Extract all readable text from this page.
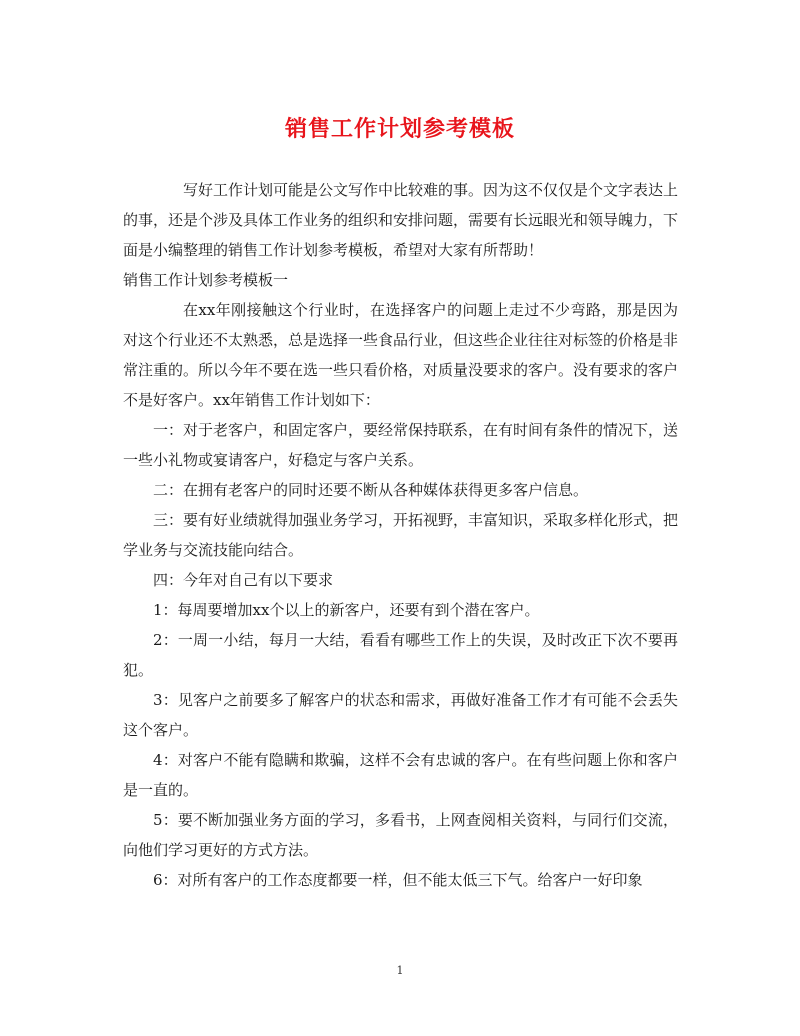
销售工作计划参考模板

写好工作计划可能是公文写作中比较难的事。因为这不仅仅是个文字表达上的事，还是个涉及具体工作业务的组织和安排问题，需要有长远眼光和领导魄力，下面是小编整理的销售工作计划参考模板，希望对大家有所帮助！

销售工作计划参考模板一

在xx年刚接触这个行业时，在选择客户的问题上走过不少弯路，那是因为对这个行业还不太熟悉，总是选择一些食品行业，但这些企业往往对标签的价格是非常注重的。所以今年不要在选一些只看价格，对质量没要求的客户。没有要求的客户不是好客户。xx年销售工作计划如下：

一：对于老客户，和固定客户，要经常保持联系，在有时间有条件的情况下，送一些小礼物或宴请客户，好稳定与客户关系。

二：在拥有老客户的同时还要不断从各种媒体获得更多客户信息。

三：要有好业绩就得加强业务学习，开拓视野，丰富知识，采取多样化形式，把学业务与交流技能向结合。

四：今年对自己有以下要求

1：每周要增加xx个以上的新客户，还要有到个潜在客户。

2：一周一小结，每月一大结，看看有哪些工作上的失误，及时改正下次不要再犯。

3：见客户之前要多了解客户的状态和需求，再做好准备工作才有可能不会丢失这个客户。

4：对客户不能有隐瞒和欺骗，这样不会有忠诚的客户。在有些问题上你和客户是一直的。

5：要不断加强业务方面的学习，多看书，上网查阅相关资料，与同行们交流，向他们学习更好的方式方法。

6：对所有客户的工作态度都要一样，但不能太低三下气。给客户一好印象

1
